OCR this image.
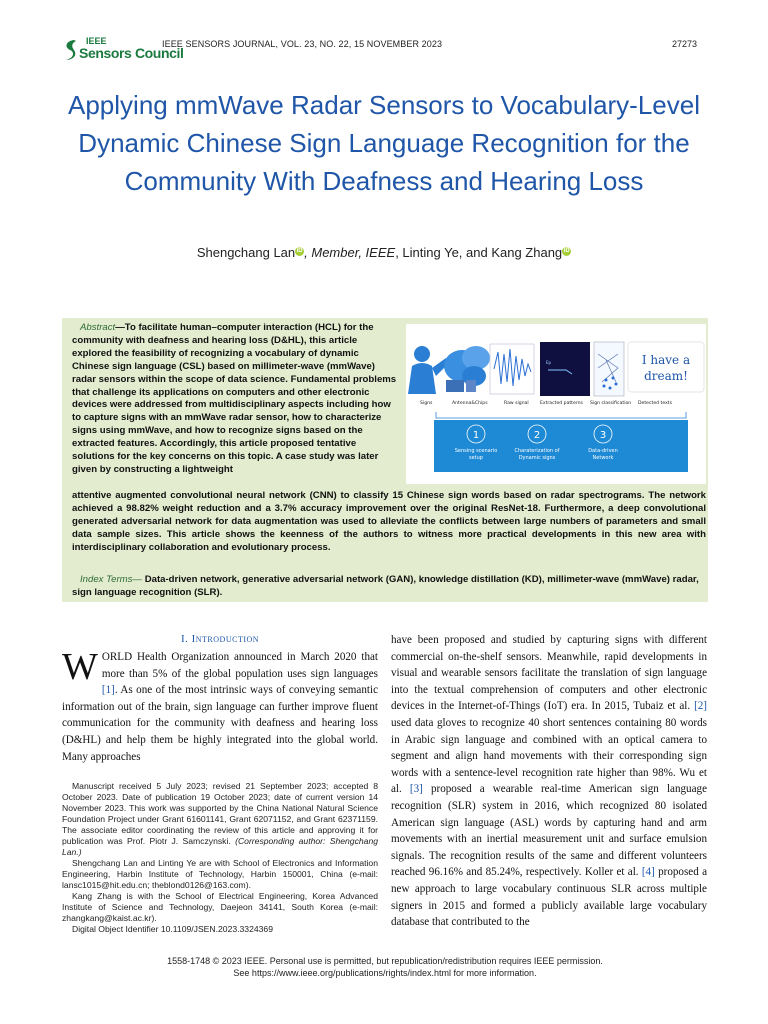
IEEE
Sensors Council
IEEE SENSORS JOURNAL, VOL. 23, NO. 22, 15 NOVEMBER 2023	27273
Applying mmWave Radar Sensors to Vocabulary-Level Dynamic Chinese Sign Language Recognition for the Community With Deafness and Hearing Loss
Shengchang Lan iD , Member, IEEE, Linting Ye, and Kang Zhang iD
Abstract—To facilitate human–computer interaction (HCL) for the community with deafness and hearing loss (D&HL), this article explored the feasibility of recognizing a vocabulary of dynamic Chinese sign language (CSL) based on millimeter-wave (mmWave) radar sensors within the scope of data science. Fundamental problems that challenge its applications on computers and other electronic devices were addressed from multidisciplinary aspects including how to capture signs with an mmWave radar sensor, how to characterize signs using mmWave, and how to recognize signs based on the extracted features. Accordingly, this article proposed tentative solutions for the key concerns on this topic. A case study was later given by constructing a lightweight
attentive augmented convolutional neural network (CNN) to classify 15 Chinese sign words based on radar spectrograms. The network achieved a 98.82% weight reduction and a 3.7% accuracy improvement over the original ResNet-18. Furthermore, a deep convolutional generated adversarial network for data augmentation was used to alleviate the conflicts between large numbers of parameters and small data sample sizes. This article shows the keenness of the authors to witness more practical developments in this new area with interdisciplinary collaboration and evolutionary process.
Index Terms— Data-driven network, generative adversarial network (GAN), knowledge distillation (KD), millimeter-wave (mmWave) radar, sign language recognition (SLR).
Ep	I have a
dream!
Signs	Antenna&Chips	Raw signal Extracted patterns Sign classification Detected texts
1
Sensing scenario
setup
2
Charaterization of
Dynamic signs
3
Data-driven
Network
I. Introduction
WORLD Health Organization announced in March 2020 that more than 5% of the global population uses sign languages [1]. As one of the most intrinsic ways of conveying semantic information out of the brain, sign language can further improve fluent communication for the community with deafness and hearing loss (D&HL) and help them be highly integrated into the global world. Many approaches

Manuscript received 5 July 2023; revised 21 September 2023; accepted 8 October 2023. Date of publication 19 October 2023; date of current version 14 November 2023. This work was supported by the China National Natural Science Foundation Project under Grant 61601141, Grant 62071152, and Grant 62371159. The associate editor coordinating the review of this article and approving it for publication was Prof. Piotr J. Samczynski. (Corresponding author: Shengchang Lan.)

Shengchang Lan and Linting Ye are with School of Electronics and Information Engineering, Harbin Institute of Technology, Harbin 150001, China (e-mail: lansc1015@hit.edu.cn; theblond0126@163.com).

Kang Zhang is with the School of Electrical Engineering, Korea Advanced Institute of Science and Technology, Daejeon 34141, South Korea (e-mail: zhangkang@kaist.ac.kr).

Digital Object Identifier 10.1109/JSEN.2023.3324369

have been proposed and studied by capturing signs with different commercial on-the-shelf sensors. Meanwhile, rapid developments in visual and wearable sensors facilitate the translation of sign language into the textual comprehension of computers and other electronic devices in the Internet-of-Things (IoT) era. In 2015, Tubaiz et al. [2] used data gloves to recognize 40 short sentences containing 80 words in Arabic sign language and combined with an optical camera to segment and align hand movements with their corresponding sign words with a sentence-level recognition rate higher than 98%. Wu et al. [3] proposed a wearable real-time American sign language recognition (SLR) system in 2016, which recognized 80 isolated American sign language (ASL) words by capturing hand and arm movements with an inertial measurement unit and surface emulsion signals. The recognition results of the same and different volunteers reached 96.16% and 85.24%, respectively. Koller et al. [4] proposed a new approach to large vocabulary continuous SLR across multiple signers in 2015 and formed a publicly available large vocabulary database that contributed to the
1558-1748 © 2023 IEEE. Personal use is permitted, but republication/redistribution requires IEEE permission.
See https://www.ieee.org/publications/rights/index.html for more information.
